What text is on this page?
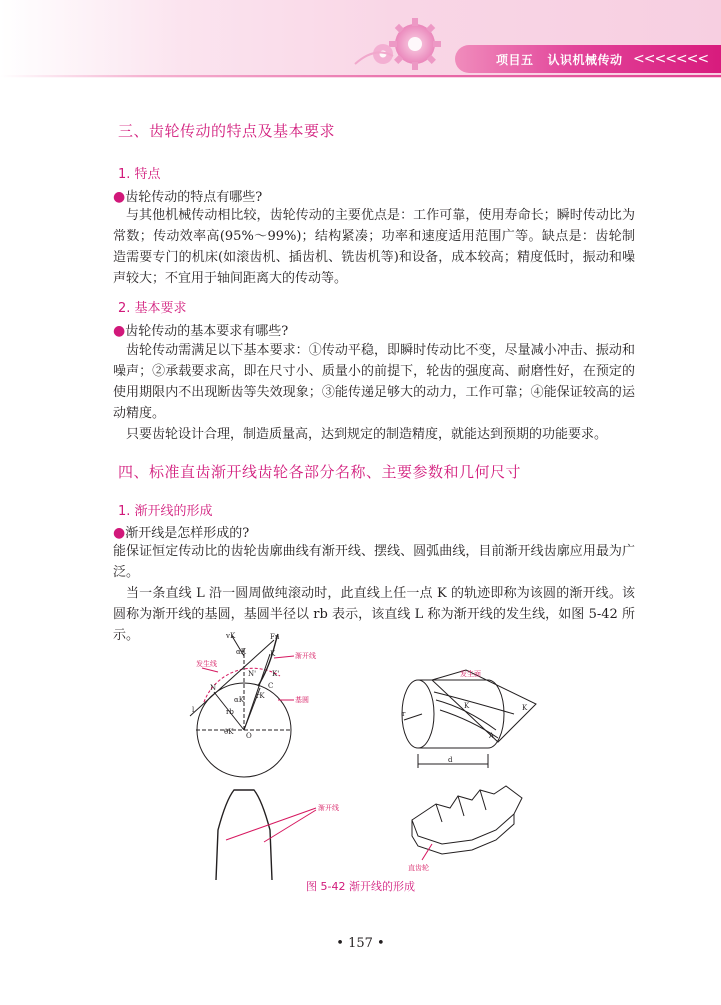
项目五   认识机械传动 <<<<<<<
三、齿轮传动的特点及基本要求
1. 特点
●齿轮传动的特点有哪些?
与其他机械传动相比较，齿轮传动的主要优点是：工作可靠，使用寿命长；瞬时传动比为常数；传动效率高(95%～99%)；结构紧凑；功率和速度适用范围广等。缺点是：齿轮制造需要专门的机床(如滚齿机、插齿机、铣齿机等)和设备，成本较高；精度低时，振动和噪声较大；不宜用于轴间距离大的传动等。
2. 基本要求
●齿轮传动的基本要求有哪些?
齿轮传动需满足以下基本要求：①传动平稳，即瞬时传动比不变，尽量减小冲击、振动和噪声；②承载要求高，即在尺寸小、质量小的前提下，轮齿的强度高、耐磨性好，在预定的使用期限内不出现断齿等失效现象；③能传递足够大的动力，工作可靠；④能保证较高的运动精度。
只要齿轮设计合理，制造质量高，达到规定的制造精度，就能达到预期的功能要求。
四、标准直齿渐开线齿轮各部分名称、主要参数和几何尺寸
1. 渐开线的形成
●渐开线是怎样形成的?
能保证恒定传动比的齿轮齿廓曲线有渐开线、摆线、圆弧曲线，目前渐开线齿廓应用最为广泛。
当一条直线 L 沿一圆周做纯滚动时，此直线上任一点 K 的轨迹即称为该圆的渐开线。该圆称为渐开线的基圆，基圆半径以 rb 表示，该直线 L 称为渐开线的发生线，如图 5-42 所示。	vK	Fn
αK
发生线
K	渐开线
N' K'
N	C
rK	基圆
αK
rb
l
θK O
渐开线
发生面
K	K
r
A
d
直齿轮
图 5-42 渐开线的形成
• 157 •
